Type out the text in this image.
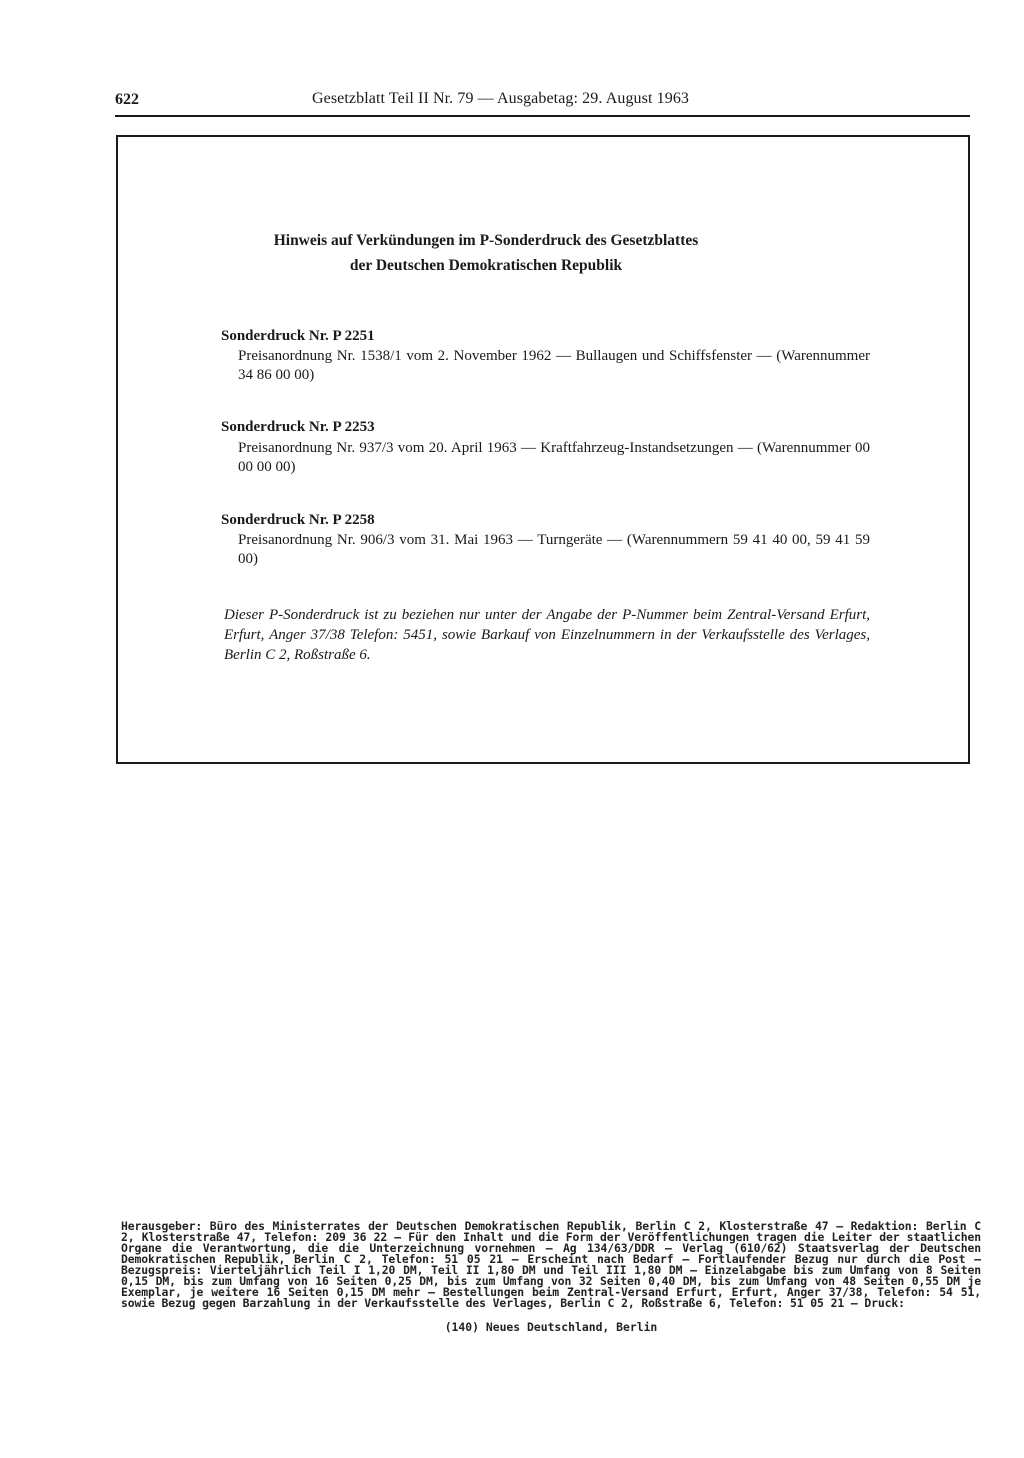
622	Gesetzblatt Teil II Nr. 79 — Ausgabetag: 29. August 1963
Hinweis auf Verkündungen im P-Sonderdruck des Gesetzblattes
der Deutschen Demokratischen Republik
Sonderdruck Nr. P 2251
Preisanordnung Nr. 1538/1 vom 2. November 1962 — Bullaugen und Schiffsfenster — (Warennummer 34 86 00 00)
Sonderdruck Nr. P 2253
Preisanordnung Nr. 937/3 vom 20. April 1963 — Kraftfahrzeug-Instandsetzungen — (Warennummer 00 00 00 00)
Sonderdruck Nr. P 2258
Preisanordnung Nr. 906/3 vom 31. Mai 1963 — Turngeräte — (Warennummern 59 41 40 00, 59 41 59 00)
Dieser P-Sonderdruck ist zu beziehen nur unter der Angabe der P-Nummer beim Zentral-Versand Erfurt, Erfurt, Anger 37/38 Telefon: 5451, sowie Barkauf von Einzelnummern in der Verkaufsstelle des Verlages, Berlin C 2, Roßstraße 6.
Herausgeber: Büro des Ministerrates der Deutschen Demokratischen Republik, Berlin C 2, Klosterstraße 47 — Redaktion: Berlin C 2, Klosterstraße 47, Telefon: 209 36 22 — Für den Inhalt und die Form der Veröffentlichungen tragen die Leiter der staatlichen Organe die Verantwortung, die die Unterzeichnung vornehmen — Ag 134/63/DDR — Verlag (610/62) Staatsverlag der Deutschen Demokratischen Republik, Berlin C 2, Telefon: 51 05 21 — Erscheint nach Bedarf — Fortlaufender Bezug nur durch die Post — Bezugspreis: Vierteljährlich Teil I 1,20 DM, Teil II 1,80 DM und Teil III 1,80 DM — Einzelabgabe bis zum Umfang von 8 Seiten 0,15 DM, bis zum Umfang von 16 Seiten 0,25 DM, bis zum Umfang von 32 Seiten 0,40 DM, bis zum Umfang von 48 Seiten 0,55 DM je Exemplar, je weitere 16 Seiten 0,15 DM mehr — Bestellungen beim Zentral-Versand Erfurt, Erfurt, Anger 37/38, Telefon: 54 51, sowie Bezug gegen Barzahlung in der Verkaufsstelle des Verlages, Berlin C 2, Roßstraße 6, Telefon: 51 05 21 — Druck:
(140) Neues Deutschland, Berlin
